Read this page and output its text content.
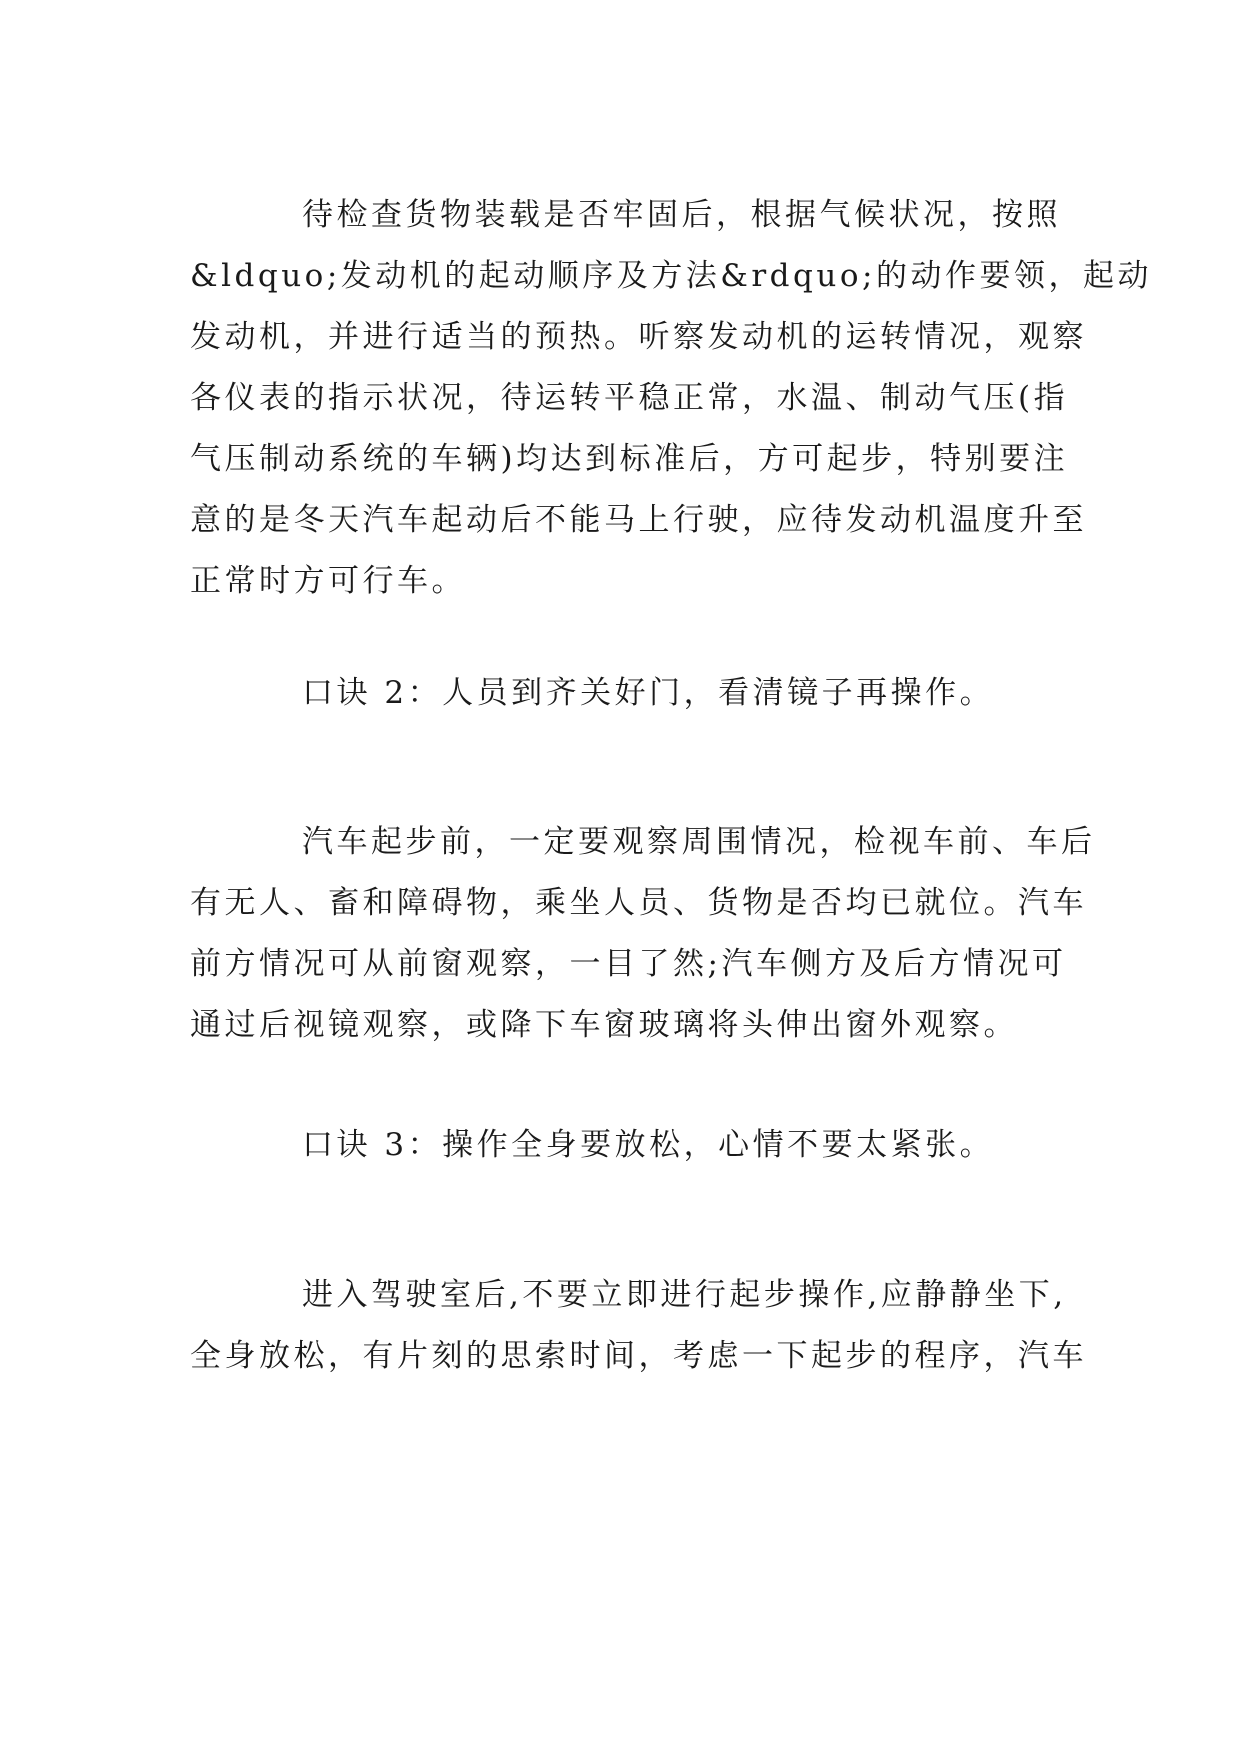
待检查货物装载是否牢固后，根据气候状况，按照
&ldquo;发动机的起动顺序及方法&rdquo;的动作要领，起动
发动机，并进行适当的预热。听察发动机的运转情况，观察
各仪表的指示状况，待运转平稳正常，水温、制动气压(指
气压制动系统的车辆)均达到标准后，方可起步，特别要注
意的是冬天汽车起动后不能马上行驶，应待发动机温度升至
正常时方可行车。
口诀 2：人员到齐关好门，看清镜子再操作。
汽车起步前，一定要观察周围情况，检视车前、车后
有无人、畜和障碍物，乘坐人员、货物是否均已就位。汽车
前方情况可从前窗观察，一目了然;汽车侧方及后方情况可
通过后视镜观察，或降下车窗玻璃将头伸出窗外观察。
口诀 3：操作全身要放松，心情不要太紧张。
进入驾驶室后,不要立即进行起步操作,应静静坐下,
全身放松，有片刻的思索时间，考虑一下起步的程序，汽车
